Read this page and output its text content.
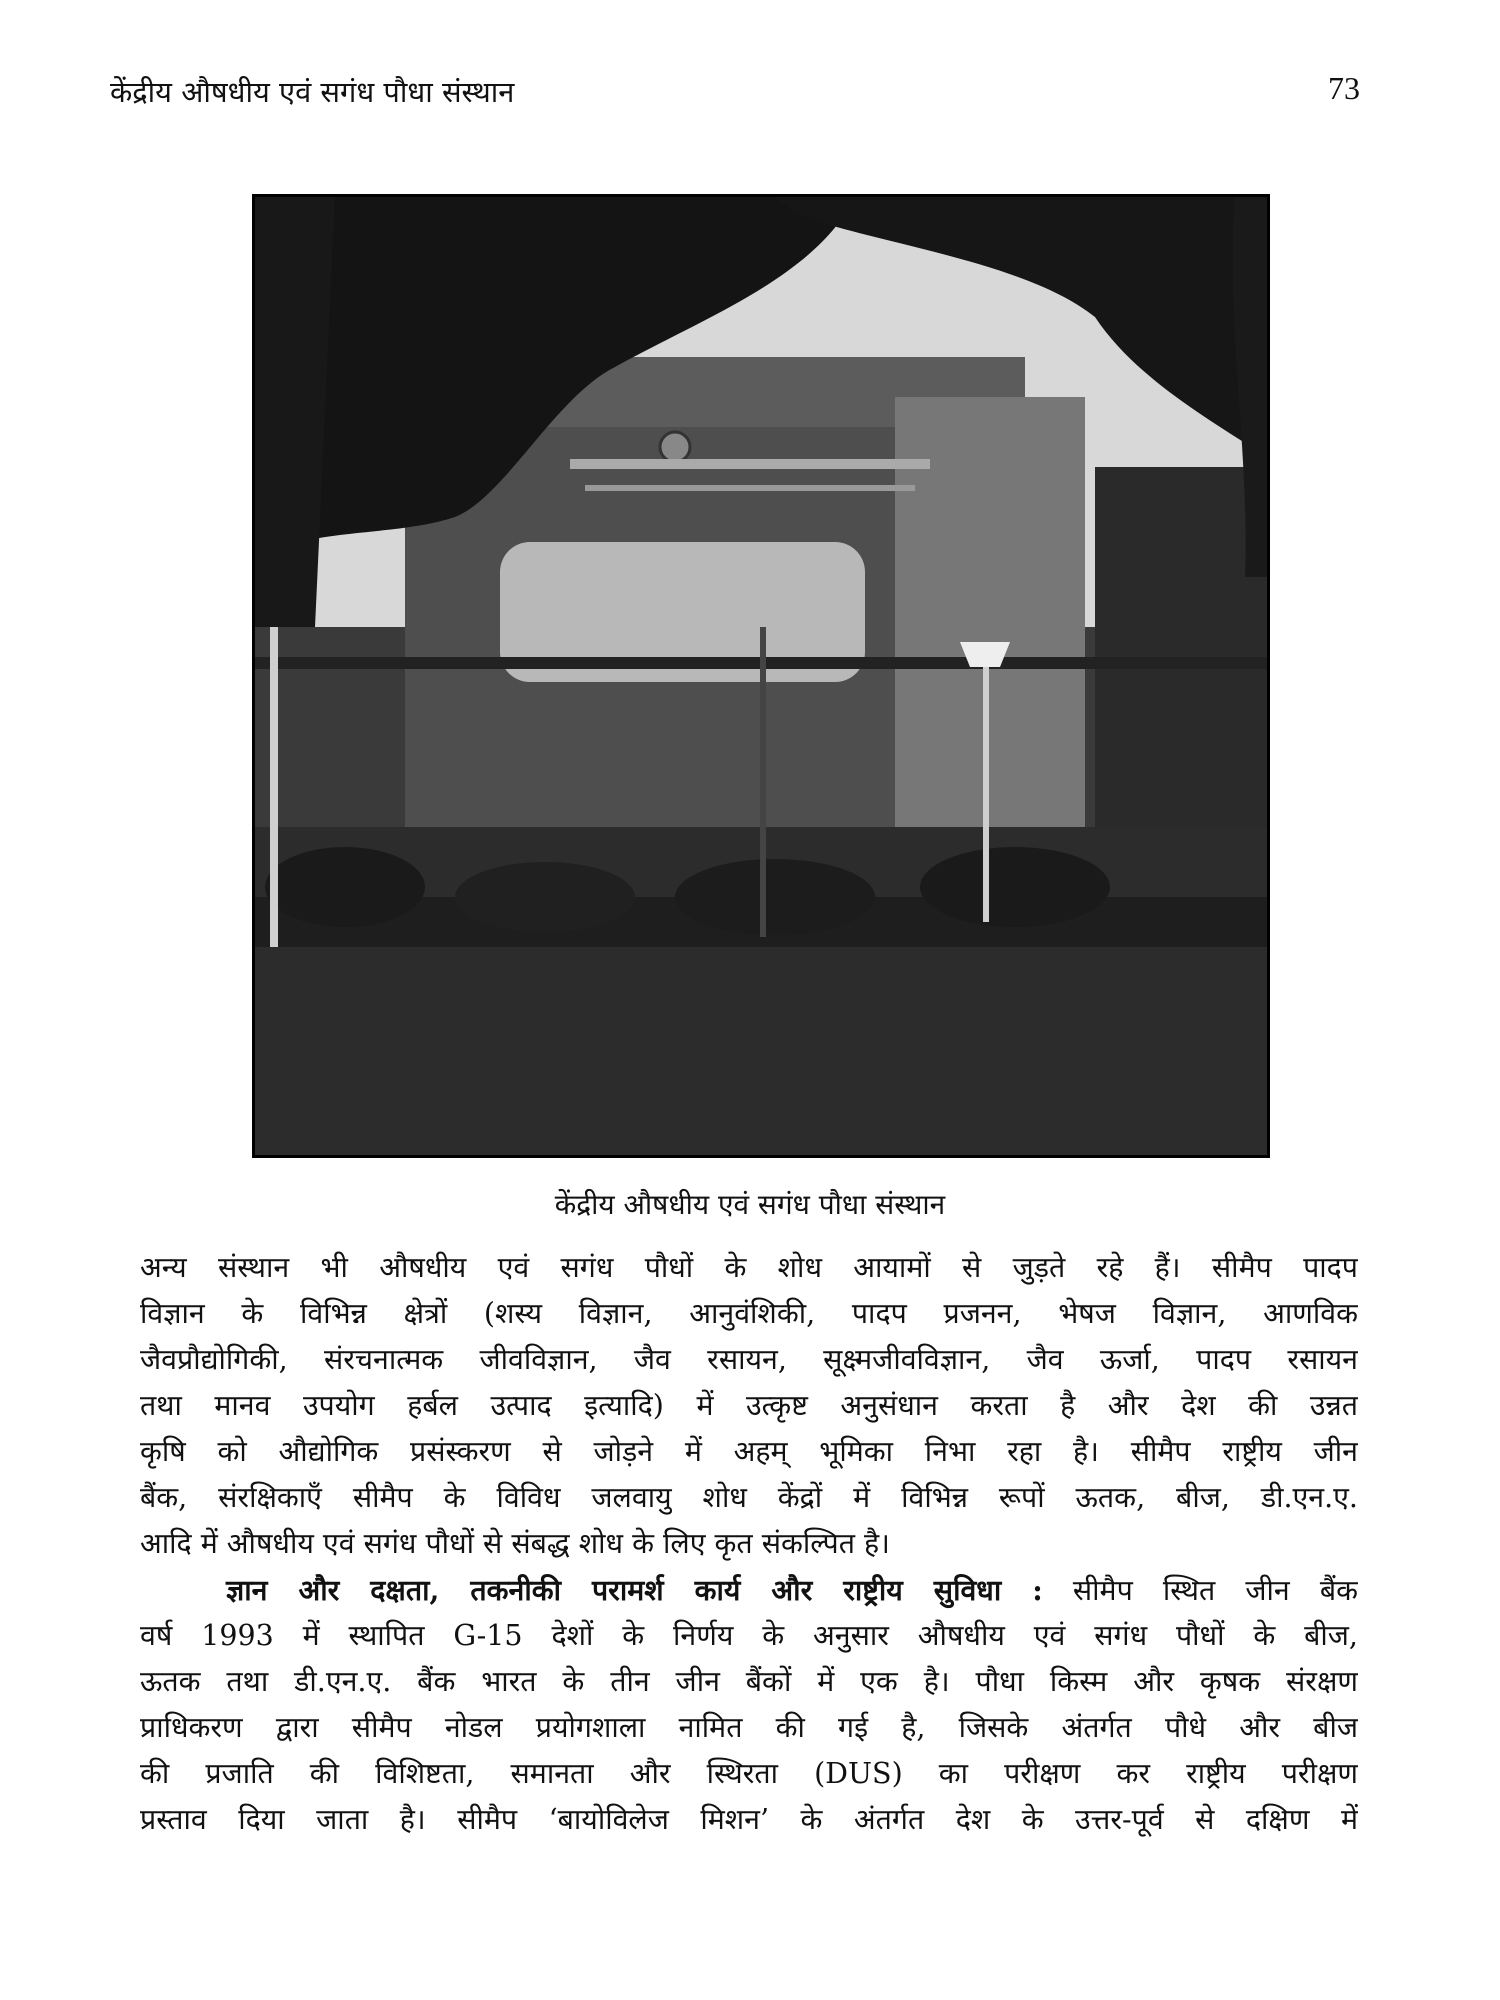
केंद्रीय औषधीय एवं सगंध पौधा संस्थान	73
केंद्रीय औषधीय एवं सगंध पौधा संस्थान
अन्य संस्थान भी औषधीय एवं सगंध पौधों के शोध आयामों से जुड़ते रहे हैं। सीमैप पादप
विज्ञान के विभिन्न क्षेत्रों (शस्य विज्ञान, आनुवंशिकी, पादप प्रजनन, भेषज विज्ञान, आणविक
जैवप्रौद्योगिकी, संरचनात्मक जीवविज्ञान, जैव रसायन, सूक्ष्मजीवविज्ञान, जैव ऊर्जा, पादप रसायन
तथा मानव उपयोग हर्बल उत्पाद इत्यादि) में उत्कृष्ट अनुसंधान करता है और देश की उन्नत
कृषि को औद्योगिक प्रसंस्करण से जोड़ने में अहम् भूमिका निभा रहा है। सीमैप राष्ट्रीय जीन
बैंक, संरक्षिकाएँ सीमैप के विविध जलवायु शोध केंद्रों में विभिन्न रूपों ऊतक, बीज, डी.एन.ए.
आदि में औषधीय एवं सगंध पौधों से संबद्ध शोध के लिए कृत संकल्पित है।
ज्ञान और दक्षता, तकनीकी परामर्श कार्य और राष्ट्रीय सुविधा : सीमैप स्थित जीन बैंक
वर्ष 1993 में स्थापित G-15 देशों के निर्णय के अनुसार औषधीय एवं सगंध पौधों के बीज,
ऊतक तथा डी.एन.ए. बैंक भारत के तीन जीन बैंकों में एक है। पौधा किस्म और कृषक संरक्षण
प्राधिकरण द्वारा सीमैप नोडल प्रयोगशाला नामित की गई है, जिसके अंतर्गत पौधे और बीज
की प्रजाति की विशिष्टता, समानता और स्थिरता (DUS) का परीक्षण कर राष्ट्रीय परीक्षण
प्रस्ताव दिया जाता है। सीमैप ‘बायोविलेज मिशन’ के अंतर्गत देश के उत्तर-पूर्व से दक्षिण में
